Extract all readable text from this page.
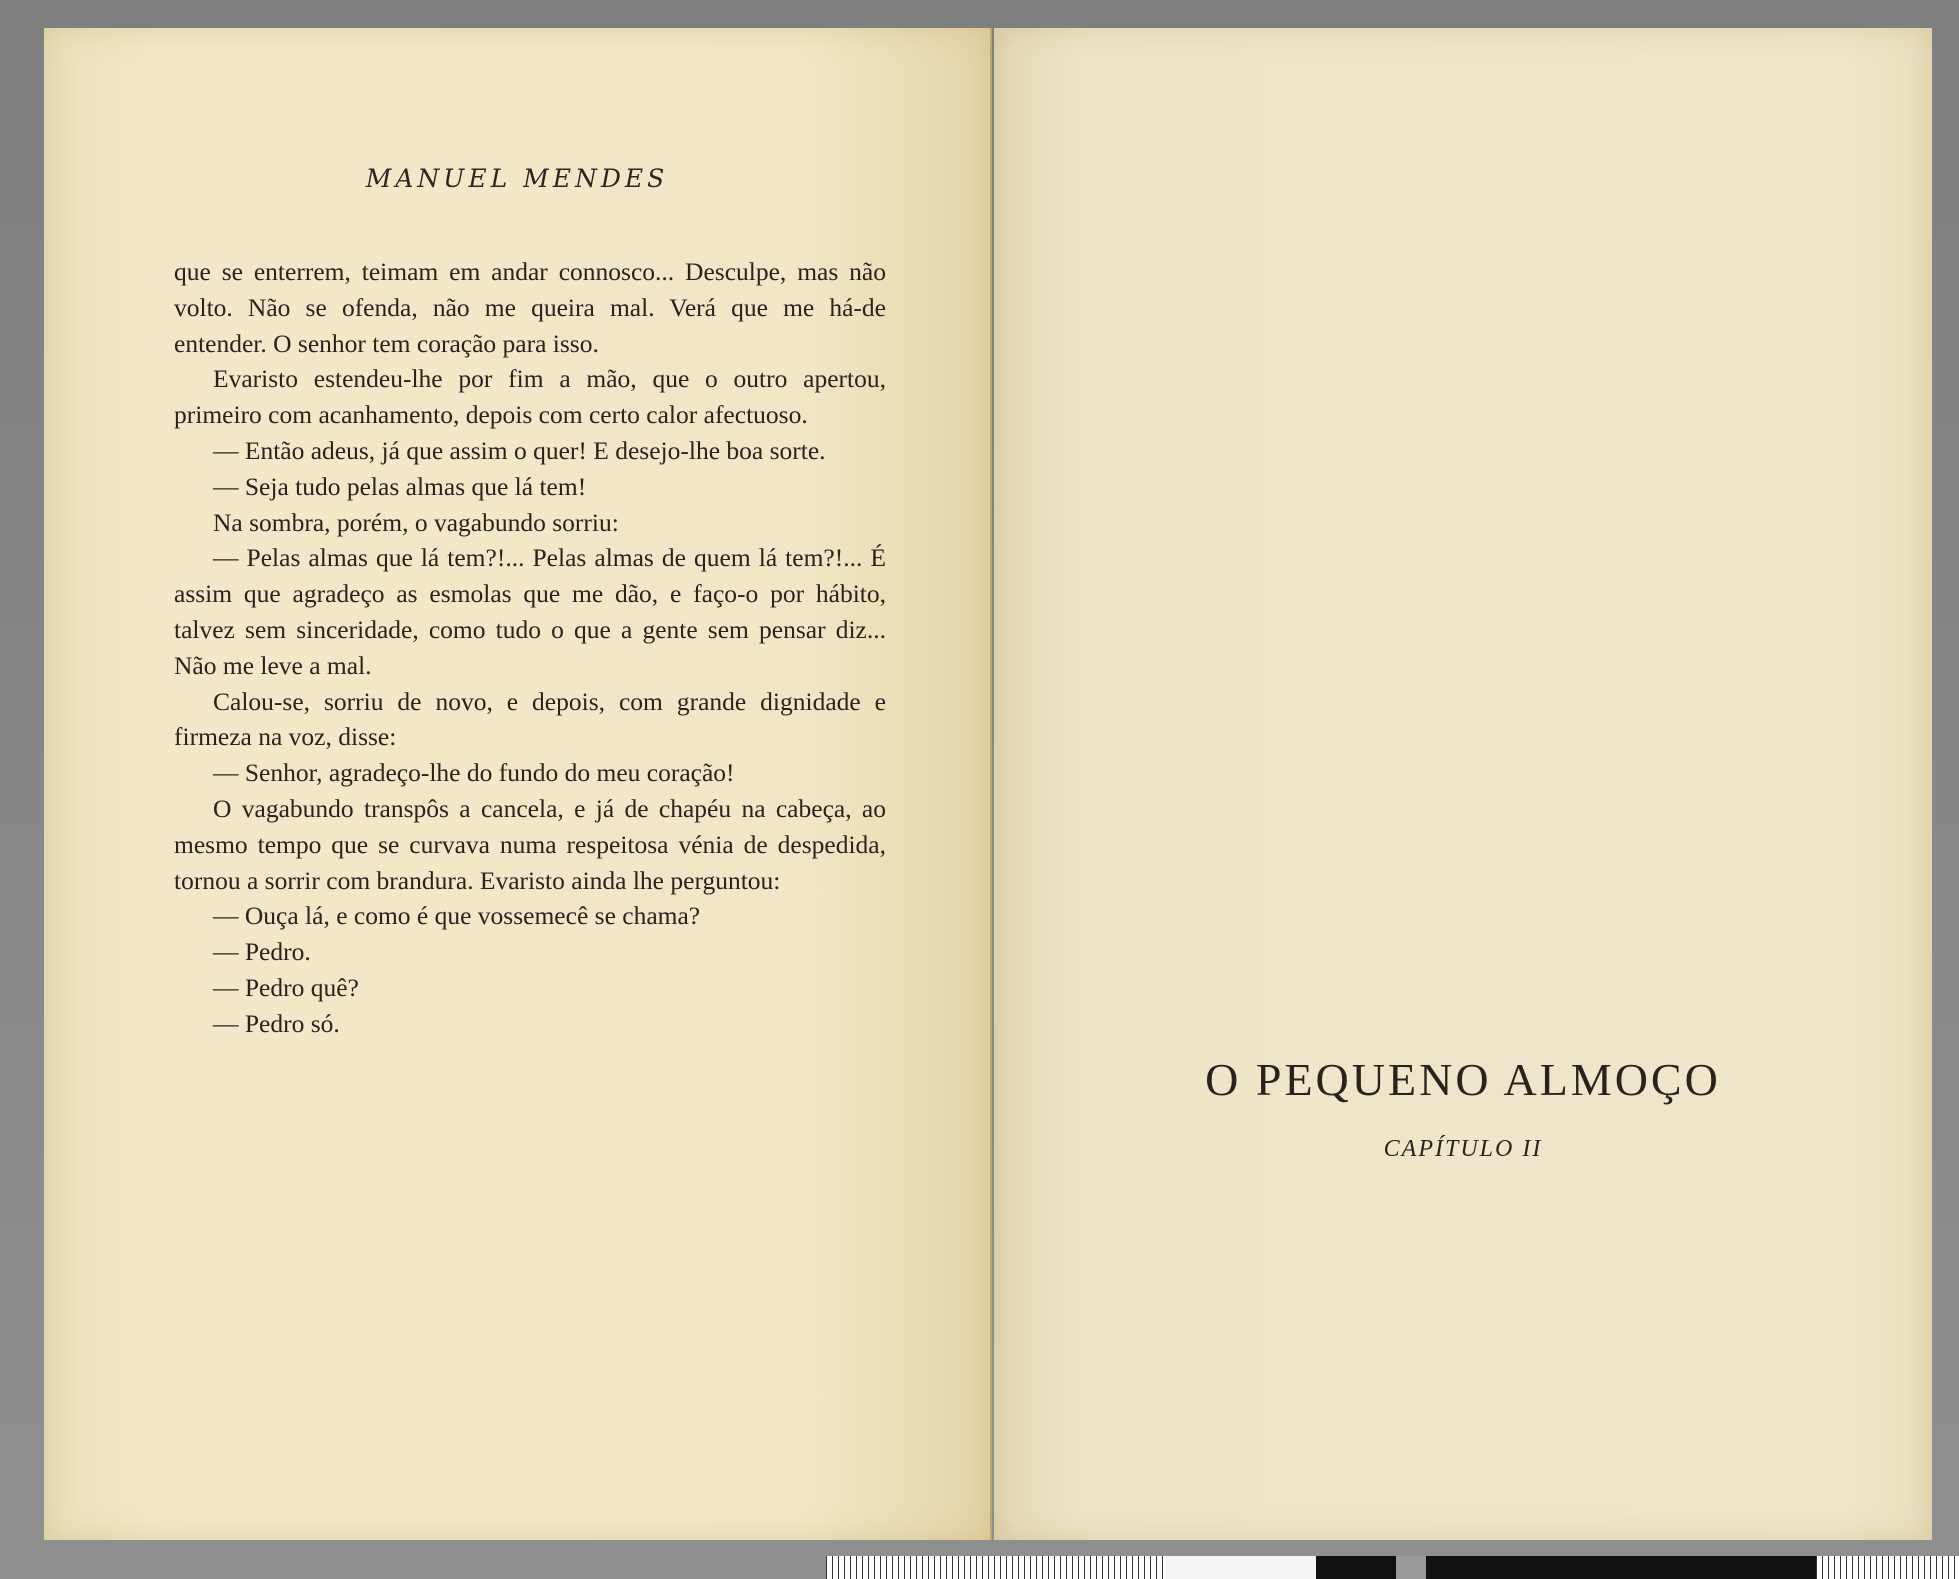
MANUEL MENDES

que se enterrem, teimam em andar connosco... Desculpe, mas não volto. Não se ofenda, não me queira mal. Verá que me há-de entender. O senhor tem coração para isso.

Evaristo estendeu-lhe por fim a mão, que o outro apertou, primeiro com acanhamento, depois com certo calor afectuoso.

— Então adeus, já que assim o quer! E desejo-lhe boa sorte.

— Seja tudo pelas almas que lá tem!

Na sombra, porém, o vagabundo sorriu:

— Pelas almas que lá tem?!... Pelas almas de quem lá tem?!... É assim que agradeço as esmolas que me dão, e faço-o por hábito, talvez sem sinceridade, como tudo o que a gente sem pensar diz... Não me leve a mal.

Calou-se, sorriu de novo, e depois, com grande dignidade e firmeza na voz, disse:

— Senhor, agradeço-lhe do fundo do meu coração!

O vagabundo transpôs a cancela, e já de chapéu na cabeça, ao mesmo tempo que se curvava numa respeitosa vénia de despedida, tornou a sorrir com brandura. Evaristo ainda lhe perguntou:

— Ouça lá, e como é que vossemecê se chama?

— Pedro.

— Pedro quê?

— Pedro só.

O PEQUENO ALMOÇO
CAPÍTULO II
